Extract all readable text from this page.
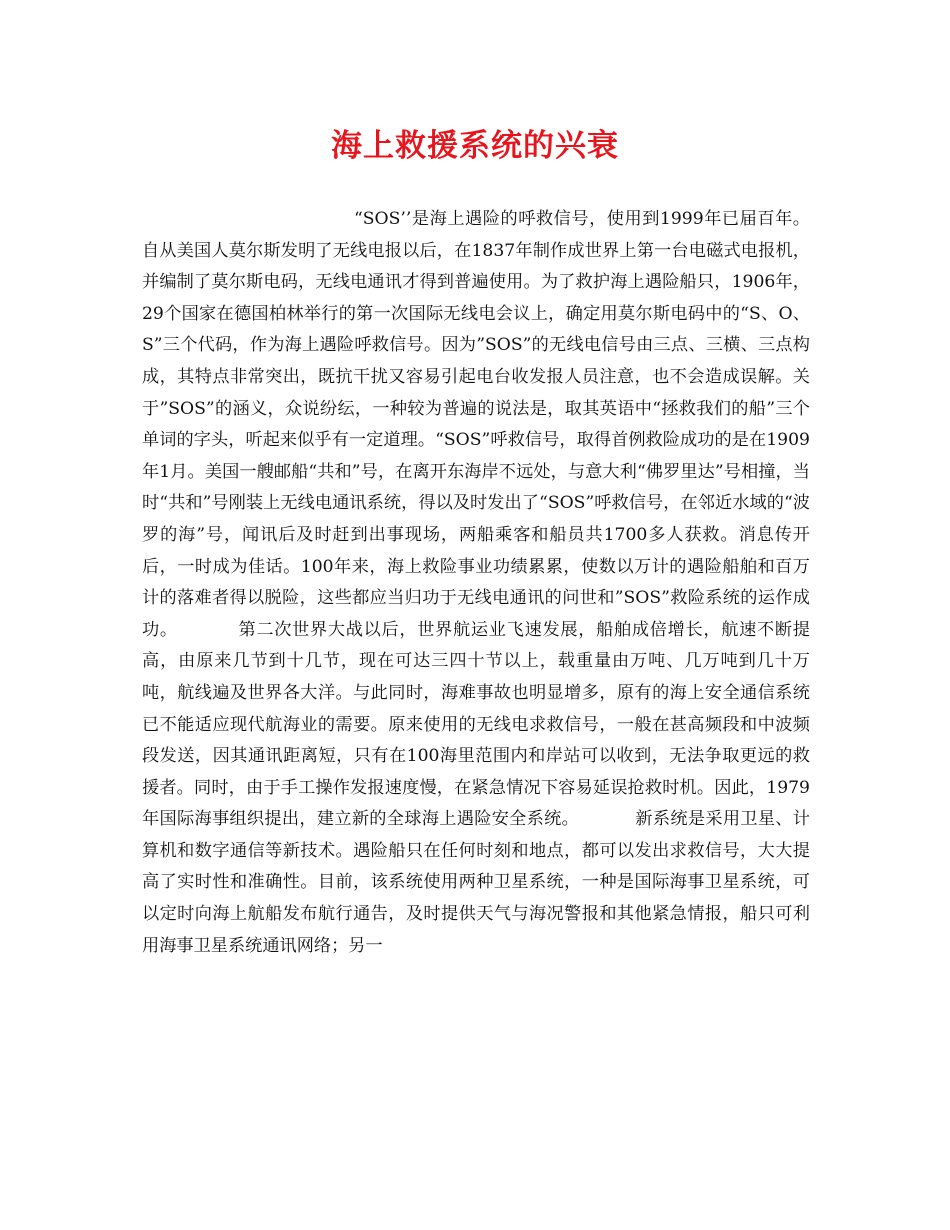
海上救援系统的兴衰

“SOS’’是海上遇险的呼救信号，使用到1999年已届百年。自从美国人莫尔斯发明了无线电报以后，在1837年制作成世界上第一台电磁式电报机，并编制了莫尔斯电码，无线电通讯才得到普遍使用。为了救护海上遇险船只，1906年，29个国家在德国柏林举行的第一次国际无线电会议上，确定用莫尔斯电码中的“S、O、S”三个代码，作为海上遇险呼救信号。因为”SOS”的无线电信号由三点、三横、三点构成，其特点非常突出，既抗干扰又容易引起电台收发报人员注意，也不会造成误解。关于”SOS”的涵义，众说纷纭，一种较为普遍的说法是，取其英语中“拯救我们的船”三个单词的字头，听起来似乎有一定道理。“SOS”呼救信号，取得首例救险成功的是在1909年1月。美国一艘邮船“共和”号，在离开东海岸不远处，与意大利“佛罗里达”号相撞，当时“共和”号刚装上无线电通讯系统，得以及时发出了“SOS”呼救信号，在邻近水域的“波罗的海”号，闻讯后及时赶到出事现场，两船乘客和船员共1700多人获救。消息传开后，一时成为佳话。100年来，海上救险事业功绩累累，使数以万计的遇险船舶和百万计的落难者得以脱险，这些都应当归功于无线电通讯的问世和”SOS”救险系统的运作成功。	第二次世界大战以后，世界航运业飞速发展，船舶成倍增长，航速不断提高，由原来几节到十几节，现在可达三四十节以上，载重量由万吨、几万吨到几十万吨，航线遍及世界各大洋。与此同时，海难事故也明显增多，原有的海上安全通信系统已不能适应现代航海业的需要。原来使用的无线电求救信号，一般在甚高频段和中波频段发送，因其通讯距离短，只有在100海里范围内和岸站可以收到，无法争取更远的救援者。同时，由于手工操作发报速度慢，在紧急情况下容易延误抢救时机。因此，1979年国际海事组织提出，建立新的全球海上遇险安全系统。	新系统是采用卫星、计算机和数字通信等新技术。遇险船只在任何时刻和地点，都可以发出求救信号，大大提高了实时性和准确性。目前，该系统使用两种卫星系统，一种是国际海事卫星系统，可以定时向海上航船发布航行通告，及时提供天气与海况警报和其他紧急情报，船只可利用海事卫星系统通讯网络；另一
